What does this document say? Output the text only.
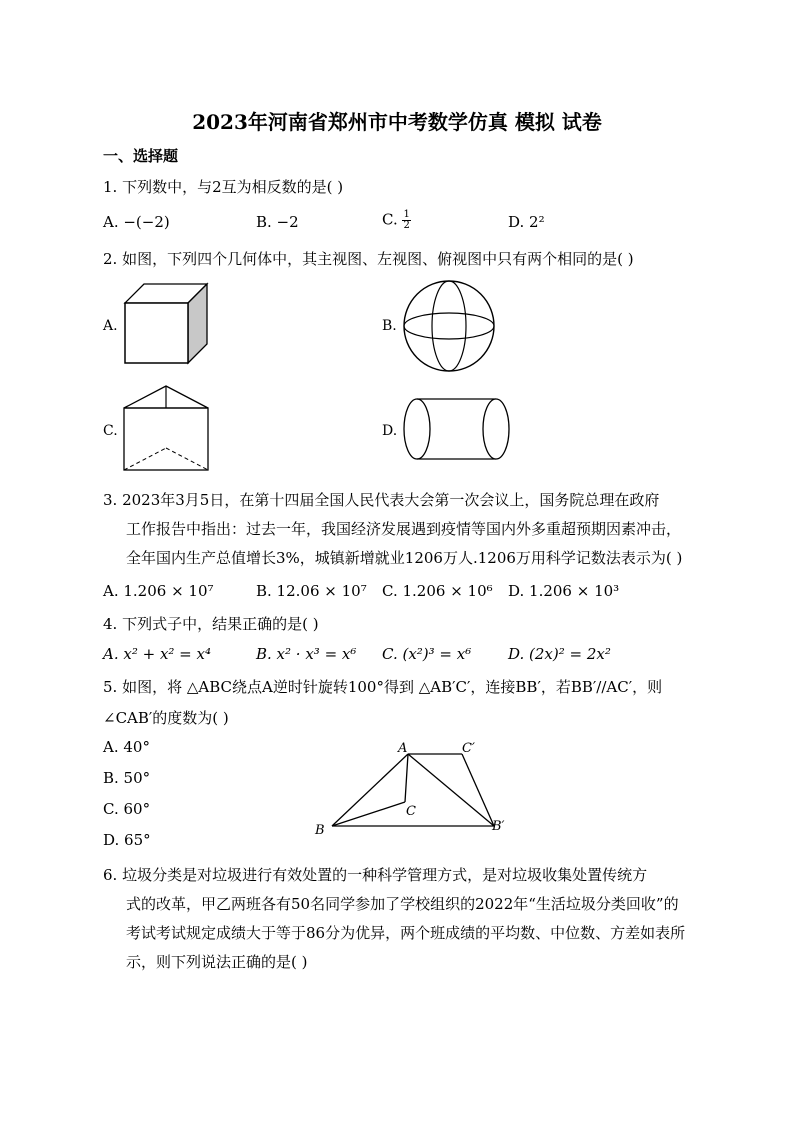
2023年河南省郑州市中考数学仿真 模拟 试卷
一、选择题
1. 下列数中，与2互为相反数的是( )
A. −(−2)	B. −2	C. $\frac{1}{2}$	D. 2²
2. 如图，下列四个几何体中，其主视图、左视图、俯视图中只有两个相同的是( )
A.	B.
C.	D.
3. 2023年3月5日，在第十四届全国人民代表大会第一次会议上，国务院总理在政府
工作报告中指出：过去一年，我国经济发展遇到疫情等国内外多重超预期因素冲击，
全年国内生产总值增长3%，城镇新增就业1206万人.1206万用科学记数法表示为( )
A. 1.206 × 10⁷	B. 12.06 × 10⁷ C. 1.206 × 10⁶ D. 1.206 × 10³
4. 下列式子中，结果正确的是( )
A. x² + x² = x⁴	B. x² · x³ = x⁶ C. (x²)³ = x⁶ D. (2x)² = 2x²
5. 如图，将 △ABC绕点A逆时针旋转100°得到 △AB′C′，连接BB′，若BB′//AC′，则
∠CAB′的度数为( )
A. 40°
B. 50°
C. 60°
D. 65°
A	C′
C
B	B′
6. 垃圾分类是对垃圾进行有效处置的一种科学管理方式，是对垃圾收集处置传统方
式的改革，甲乙两班各有50名同学参加了学校组织的2022年“生活垃圾分类回收”的
考试考试规定成绩大于等于86分为优异，两个班成绩的平均数、中位数、方差如表所
示，则下列说法正确的是( )
